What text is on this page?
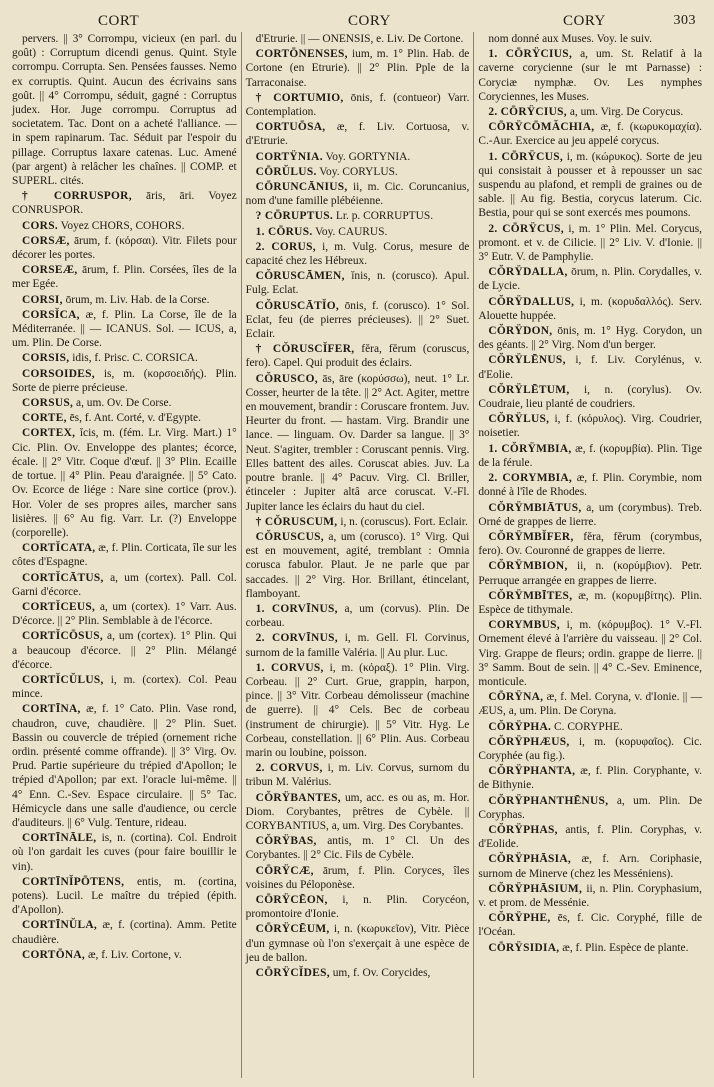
CORT	CORY	CORY	303

pervers. || 3° Corrompu, vicieux (en parl. du goût) : Corruptum dicendi genus. Quint. Style corrompu. Corrupta. Sen. Pensées fausses. Nemo ex corruptis. Quint. Aucun des écrivains sans goût. || 4° Corrompu, séduit, gagné : Corruptus judex. Hor. Juge corrompu. Corruptus ad societatem. Tac. Dont on a acheté l'alliance. — in spem rapinarum. Tac. Séduit par l'espoir du pillage. Corruptus laxare catenas. Luc. Amené (par argent) à relâcher les chaînes. || COMP. et SUPERL. cités.

† CORRUSPOR, āris, āri. Voyez CONRUSPOR.

CORS. Voyez CHORS, COHORS.

CORSÆ, ārum, f. (κόρσαι). Vitr. Filets pour décorer les portes.

CORSEÆ, ārum, f. Plin. Corsées, îles de la mer Egée.

CORSI, ōrum, m. Liv. Hab. de la Corse.

CORSĬCA, æ, f. Plin. La Corse, île de la Méditerranée. || — ICANUS. Sol. — ICUS, a, um. Plin. De Corse.

CORSIS, idis, f. Prisc. C. CORSICA.

CORSOIDES, is, m. (κορσοειδής). Plin. Sorte de pierre précieuse.

CORSUS, a, um. Ov. De Corse.

CORTE, ēs, f. Ant. Corté, v. d'Egypte.

CORTEX, ĭcis, m. (fém. Lr. Virg. Mart.) 1° Cic. Plin. Ov. Enveloppe des plantes; écorce, écale. || 2° Vitr. Coque d'œuf. || 3° Plin. Ecaille de tortue. || 4° Plin. Peau d'araignée. || 5° Cato. Ov. Ecorce de liége : Nare sine cortice (prov.). Hor. Voler de ses propres ailes, marcher sans lisières. || 6° Au fig. Varr. Lr. (?) Enveloppe (corporelle).

CORTĬCATA, æ, f. Plin. Corticata, île sur les côtes d'Espagne.

CORTĬCĀTUS, a, um (cortex). Pall. Col. Garni d'écorce.

CORTĬCEUS, a, um (cortex). 1° Varr. Aus. D'écorce. || 2° Plin. Semblable à de l'écorce.

CORTĬCŌSUS, a, um (cortex). 1° Plin. Qui a beaucoup d'écorce. || 2° Plin. Mélangé d'écorce.

CORTĬCŬLUS, i, m. (cortex). Col. Peau mince.

CORTĪNA, æ, f. 1° Cato. Plin. Vase rond, chaudron, cuve, chaudière. || 2° Plin. Suet. Bassin ou couvercle de trépied (ornement riche ordin. présenté comme offrande). || 3° Virg. Ov. Prud. Partie supérieure du trépied d'Apollon; le trépied d'Apollon; par ext. l'oracle lui-même. || 4° Enn. C.-Sev. Espace circulaire. || 5° Tac. Hémicycle dans une salle d'audience, ou cercle d'auditeurs. || 6° Vulg. Tenture, rideau.

CORTĪNĀLE, is, n. (cortina). Col. Endroit où l'on gardait les cuves (pour faire bouillir le vin).

CORTĪNĬPŌTENS, entis, m. (cortina, potens). Lucil. Le maître du trépied (épith. d'Apollon).

CORTĪNŬLA, æ, f. (cortina). Amm. Petite chaudière.

CORTŌNA, æ, f. Liv. Cortone, v.

d'Etrurie. || — ONENSIS, e. Liv. De Cortone.

CORTŌNENSES, ium, m. 1° Plin. Hab. de Cortone (en Etrurie). || 2° Plin. Pple de la Tarraconaise.

† CORTUMIO, ōnis, f. (contueor) Varr. Contemplation.

CORTUŌSA, æ, f. Liv. Cortuosa, v. d'Etrurie.

CORTŸNIA. Voy. GORTYNIA.

CŌRŬLUS. Voy. CORYLUS.

CŌRUNCĀNIUS, ii, m. Cic. Coruncanius, nom d'une famille plébéienne.

? CŌRUPTUS. Lr. p. CORRUPTUS.

1. CŌRUS. Voy. CAURUS.

2. CORUS, i, m. Vulg. Corus, mesure de capacité chez les Hébreux.

CŎRUSCĀMEN, ĭnis, n. (corusco). Apul. Fulg. Eclat.

CŎRUSCĀTĬO, ōnis, f. (corusco). 1° Sol. Eclat, feu (de pierres précieuses). || 2° Suet. Eclair.

† CŎRUSCĬFER, fĕra, fĕrum (coruscus, fero). Capel. Qui produit des éclairs.

CŎRUSCO, ās, āre (κορύσσω), neut. 1° Lr. Cosser, heurter de la tête. || 2° Act. Agiter, mettre en mouvement, brandir : Coruscare frontem. Juv. Heurter du front. — hastam. Virg. Brandir une lance. — linguam. Ov. Darder sa langue. || 3° Neut. S'agiter, trembler : Coruscant pennis. Virg. Elles battent des ailes. Coruscat abies. Juv. La poutre branle. || 4° Pacuv. Virg. Cl. Briller, étinceler : Jupiter altâ arce coruscat. V.-Fl. Jupiter lance les éclairs du haut du ciel.

† CŎRUSCUM, i, n. (coruscus). Fort. Eclair.

CŎRUSCUS, a, um (corusco). 1° Virg. Qui est en mouvement, agité, tremblant : Omnia corusca fabulor. Plaut. Je ne parle que par saccades. || 2° Virg. Hor. Brillant, étincelant, flamboyant.

1. CORVĪNUS, a, um (corvus). Plin. De corbeau.

2. CORVĪNUS, i, m. Gell. Fl. Corvinus, surnom de la famille Valéria. || Au plur. Luc.

1. CORVUS, i, m. (κόραξ). 1° Plin. Virg. Corbeau. || 2° Curt. Grue, grappin, harpon, pince. || 3° Vitr. Corbeau démolisseur (machine de guerre). || 4° Cels. Bec de corbeau (instrument de chirurgie). || 5° Vitr. Hyg. Le Corbeau, constellation. || 6° Plin. Aus. Corbeau marin ou loubine, poisson.

2. CORVUS, i, m. Liv. Corvus, surnom du tribun M. Valérius.

CŎRŸBANTES, um, acc. es ou as, m. Hor. Diom. Corybantes, prêtres de Cybèle. || CORYBANTIUS, a, um. Virg. Des Corybantes.

CŎRŸBAS, antis, m. 1° Cl. Un des Corybantes. || 2° Cic. Fils de Cybèle.

CŌRŸCÆ, ārum, f. Plin. Coryces, îles voisines du Péloponèse.

CŌRŸCĒON, i, n. Plin. Corycéon, promontoire d'Ionie.

CŌRŸCĒUM, i, n. (κωρυκεῖον), Vitr. Pièce d'un gymnase où l'on s'exerçait à une espèce de jeu de ballon.

CŌRŸCĬDES, um, f. Ov. Corycides,

nom donné aux Muses. Voy. le suiv.

1. CŌRŸCIUS, a, um. St. Relatif à la caverne corycienne (sur le mt Parnasse) : Coryciæ nymphæ. Ov. Les nymphes Coryciennes, les Muses.

2. CŌRŸCIUS, a, um. Virg. De Corycus.

CŌRŸCŌMĂCHIA, æ, f. (κωρυκομαχία). C.-Aur. Exercice au jeu appelé corycus.

1. CŌRŸCUS, i, m. (κώρυκος). Sorte de jeu qui consistait à pousser et à repousser un sac suspendu au plafond, et rempli de graines ou de sable. || Au fig. Bestia, corycus laterum. Cic. Bestia, pour qui se sont exercés mes poumons.

2. CŌRŸCUS, i, m. 1° Plin. Mel. Corycus, promont. et v. de Cilicie. || 2° Liv. V. d'Ionie. || 3° Eutr. V. de Pamphylie.

CŎRŸDALLA, ōrum, n. Plin. Corydalles, v. de Lycie.

CŎRŸDALLUS, i, m. (κορυδαλλός). Serv. Alouette huppée.

CŎRŸDON, ōnis, m. 1° Hyg. Corydon, un des géants. || 2° Virg. Nom d'un berger.

CŎRŸLĒNUS, i, f. Liv. Corylénus, v. d'Eolie.

CŎRŸLĒTUM, i, n. (corylus). Ov. Coudraie, lieu planté de coudriers.

CŎRŸLUS, i, f. (κόρυλος). Virg. Coudrier, noisetier.

1. CŎRŸMBIA, æ, f. (κορυμβία). Plin. Tige de la férule.

2. CORYMBIA, æ, f. Plin. Corymbie, nom donné à l'île de Rhodes.

CŎRŸMBIĀTUS, a, um (corymbus). Treb. Orné de grappes de lierre.

CŎRŸMBĬFER, fĕra, fĕrum (corymbus, fero). Ov. Couronné de grappes de lierre.

CŎRŸMBION, ii, n. (κορύμβιον). Petr. Perruque arrangée en grappes de lierre.

CŎRŸMBĪTES, æ, m. (κορυμβίτης). Plin. Espèce de tithymale.

CORYMBUS, i, m. (κόρυμβος). 1° V.-Fl. Ornement élevé à l'arrière du vaisseau. || 2° Col. Virg. Grappe de fleurs; ordin. grappe de lierre. || 3° Samm. Bout de sein. || 4° C.-Sev. Eminence, monticule.

CŌRŸNA, æ, f. Mel. Coryna, v. d'Ionie. || — ÆUS, a, um. Plin. De Coryna.

CŎRŸPHA. C. CORYPHE.

CŎRŸPHÆUS, i, m. (κορυφαῖος). Cic. Coryphée (au fig.).

CŎRŸPHANTA, æ, f. Plin. Coryphante, v. de Bithynie.

CŎRŸPHANTHĒNUS, a, um. Plin. De Coryphas.

CŎRŸPHAS, antis, f. Plin. Coryphas, v. d'Eolide.

CŎRŸPHĀSIA, æ, f. Arn. Coriphasie, surnom de Minerve (chez les Messéniens).

CŎRŸPHĀSIUM, ii, n. Plin. Coryphasium, v. et prom. de Messénie.

CŎRŸPHE, ēs, f. Cic. Coryphé, fille de l'Océan.

CŌRŸSIDIA, æ, f. Plin. Espèce de plante.
